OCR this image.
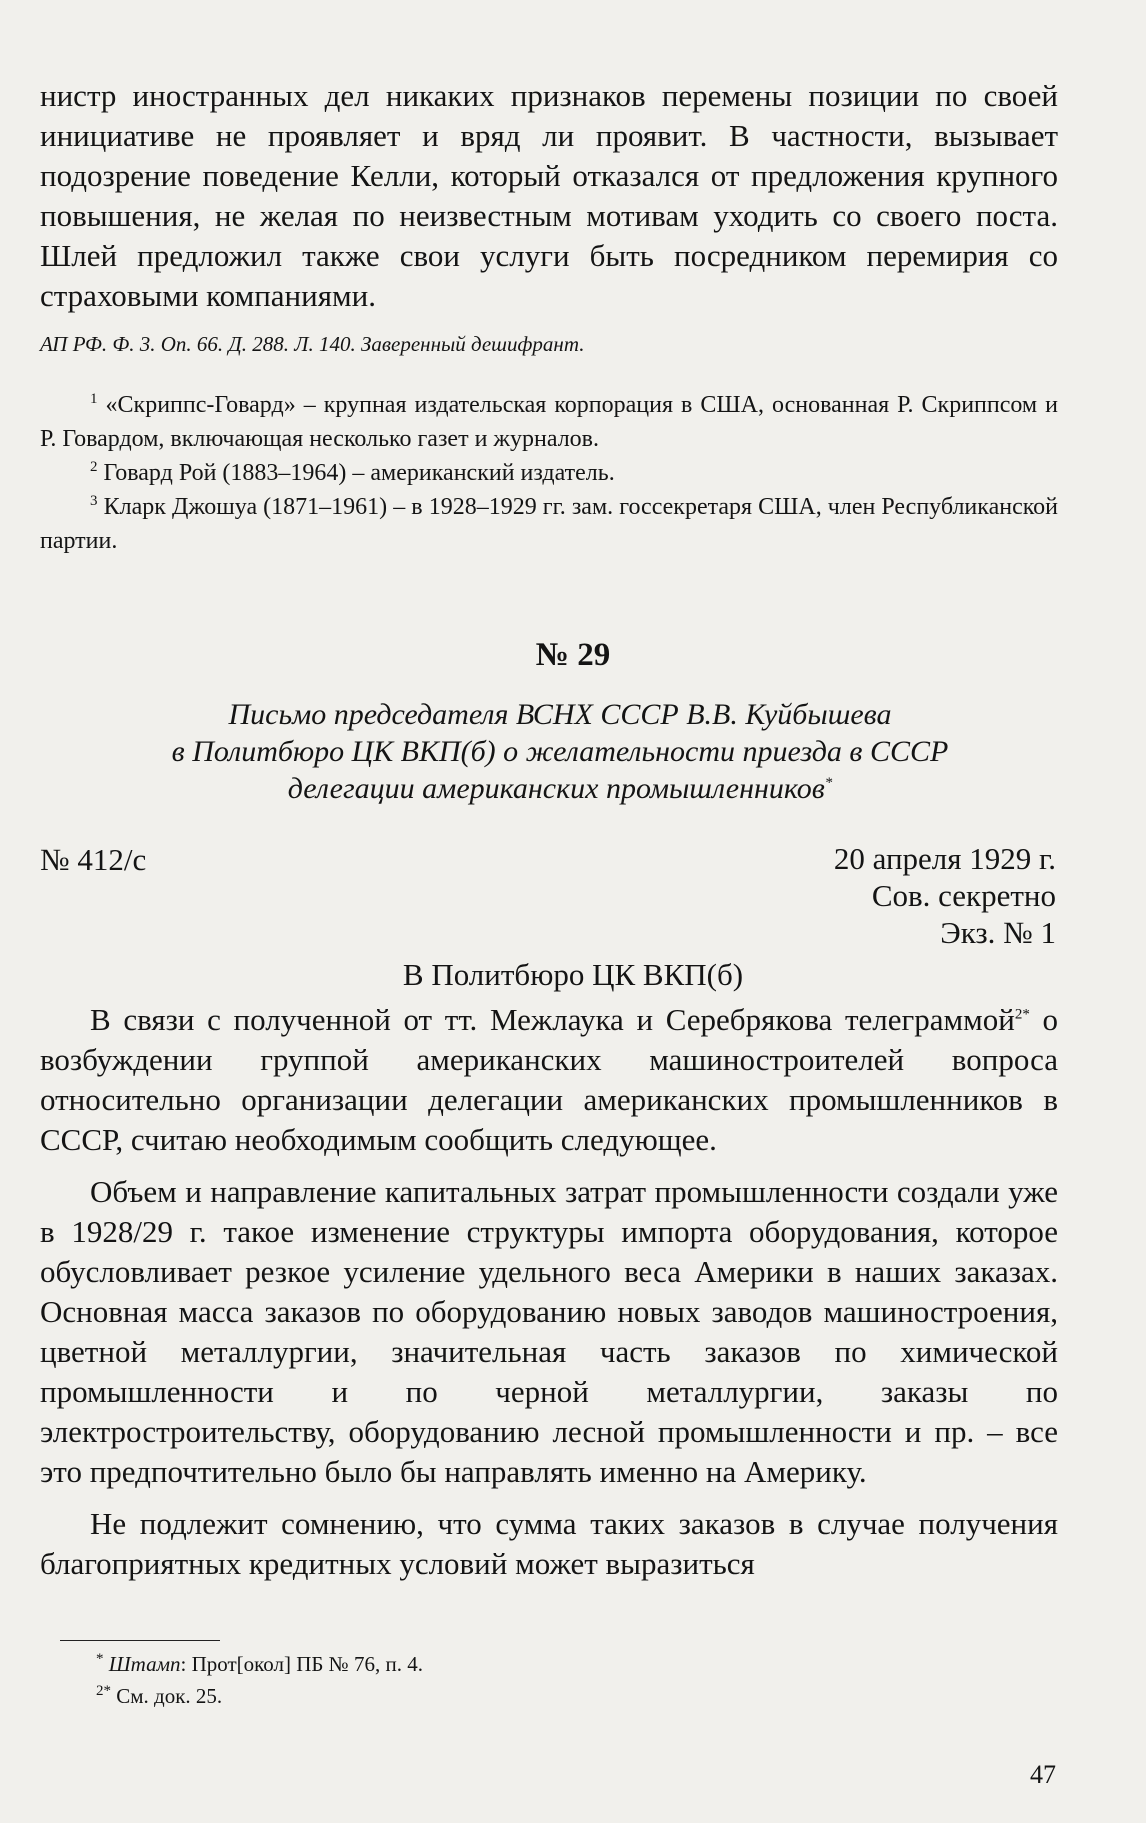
нистр иностранных дел никаких признаков перемены позиции по своей инициативе не проявляет и вряд ли проявит. В частности, вызывает подозрение поведение Келли, который отказался от предложения крупного повышения, не желая по неизвестным мотивам уходить со своего поста. Шлей предложил также свои услуги быть посредником перемирия со страховыми компаниями.

АП РФ. Ф. 3. Оп. 66. Д. 288. Л. 140. Заверенный дешифрант.

$^1$ «Скриппс-Говард» – крупная издательская корпорация в США, основанная Р. Скриппсом и Р. Говардом, включающая несколько газет и журналов.

$^2$ Говард Рой (1883–1964) – американский издатель.

$^3$ Кларк Джошуа (1871–1961) – в 1928–1929 гг. зам. госсекретаря США, член Республиканской партии.

№ 29
Письмо председателя ВСНХ СССР В.В. Куйбышева
в Политбюро ЦК ВКП(б) о желательности приезда в СССР
делегации американских промышленников*
№ 412/с	20 апреля 1929 г.
Сов. секретно
Экз. № 1
В Политбюро ЦК ВКП(б)

В связи с полученной от тт. Межлаука и Серебрякова телеграммой$^{2*}$ о возбуждении группой американских машиностроителей вопроса относительно организации делегации американских промышленников в СССР, считаю необходимым сообщить следующее.

Объем и направление капитальных затрат промышленности создали уже в 1928/29 г. такое изменение структуры импорта оборудования, которое обусловливает резкое усиление удельного веса Америки в наших заказах. Основная масса заказов по оборудованию новых заводов машиностроения, цветной металлургии, значительная часть заказов по химической промышленности и по черной металлургии, заказы по электростроительству, оборудованию лесной промышленности и пр. – все это предпочтительно было бы направлять именно на Америку.

Не подлежит сомнению, что сумма таких заказов в случае получения благоприятных кредитных условий может выразиться

* Штамп: Прот[окол] ПБ № 76, п. 4.

$^{2*}$ См. док. 25.

47
